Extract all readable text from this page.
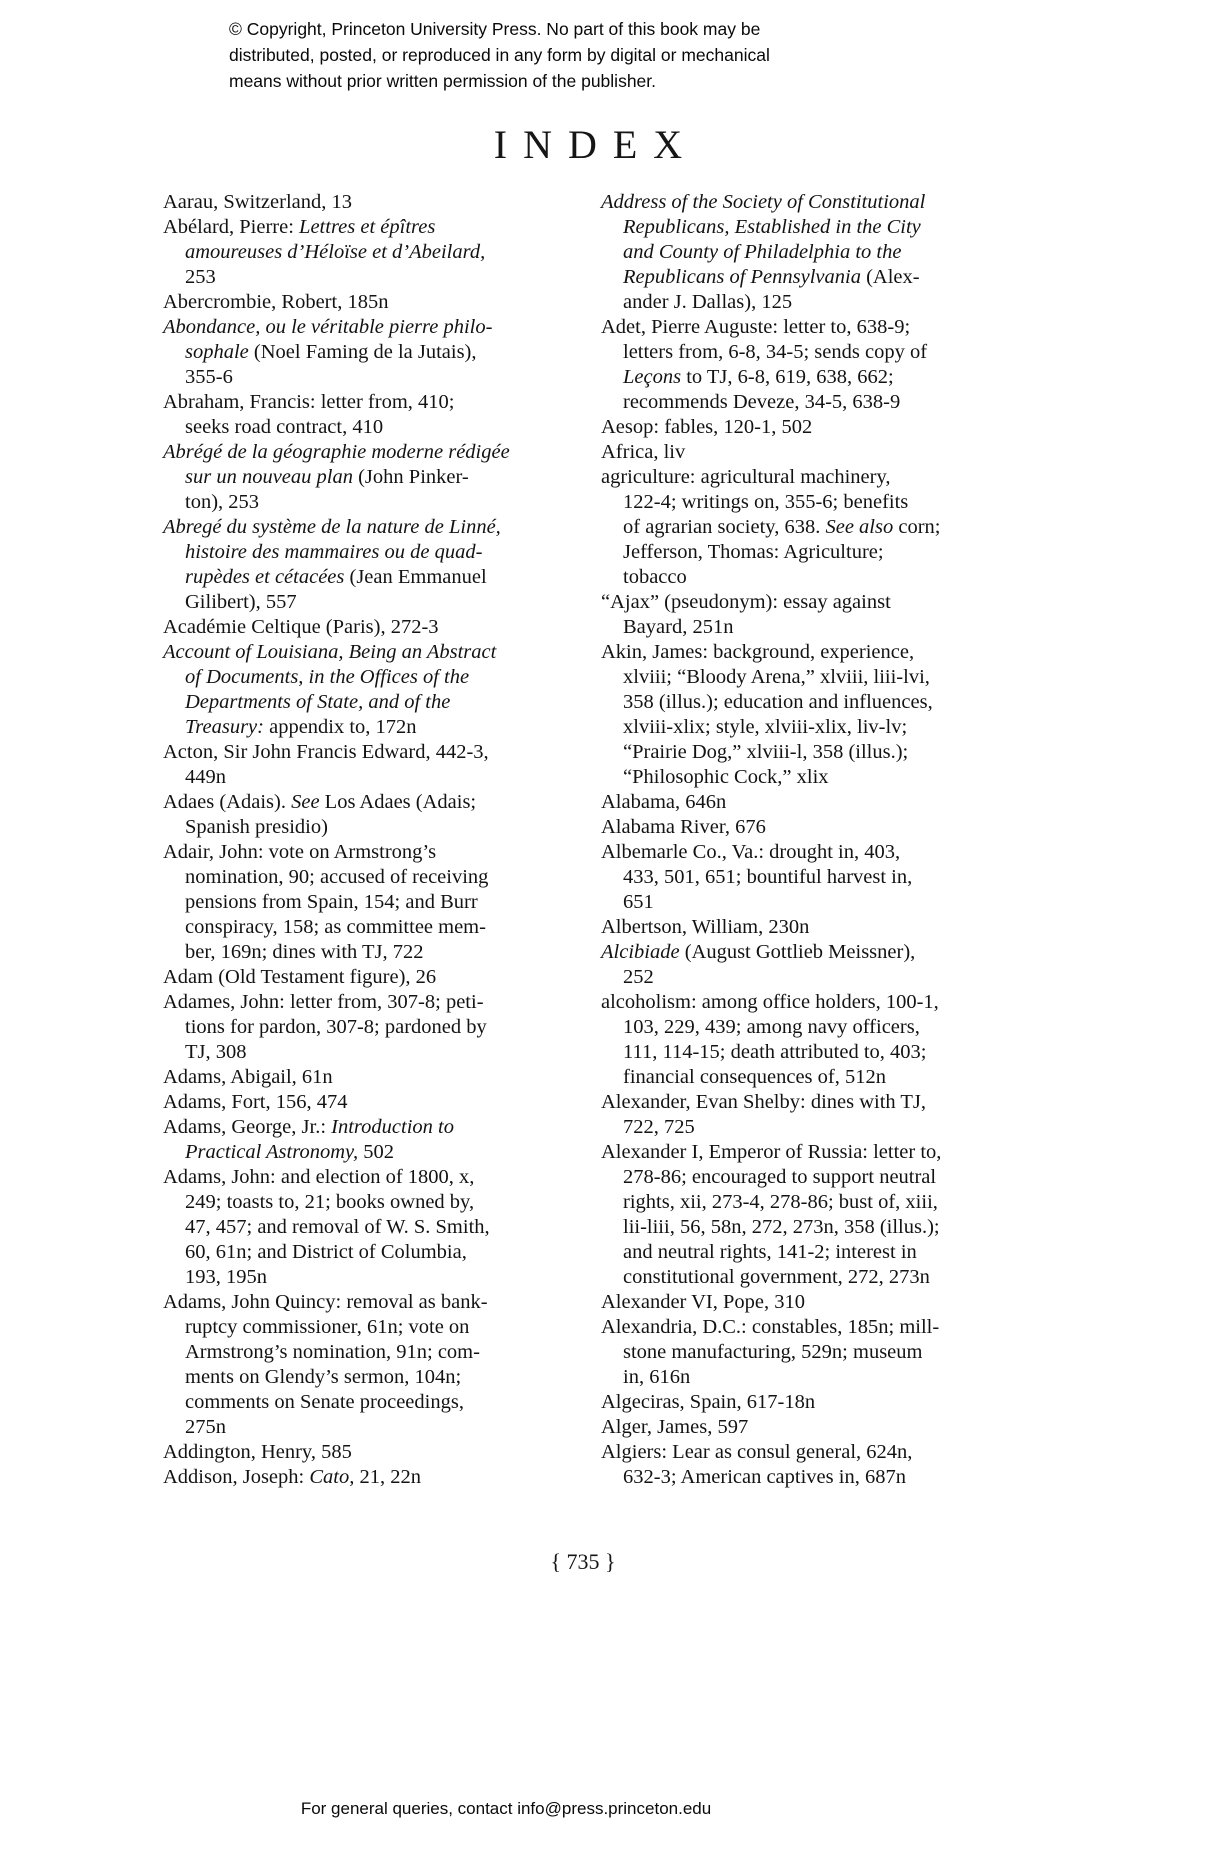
© Copyright, Princeton University Press. No part of this book may be
distributed, posted, or reproduced in any form by digital or mechanical
means without prior written permission of the publisher.
INDEX
Aarau, Switzerland, 13
Abélard, Pierre: Lettres et épîtres
amoureuses d’Héloïse et d’Abeilard,
253
Abercrombie, Robert, 185n
Abondance, ou le véritable pierre philo-
sophale (Noel Faming de la Jutais),
355-6
Abraham, Francis: letter from, 410;
seeks road contract, 410
Abrégé de la géographie moderne rédigée
sur un nouveau plan (John Pinker-
ton), 253
Abregé du système de la nature de Linné,
histoire des mammaires ou de quad-
rupèdes et cétacées (Jean Emmanuel
Gilibert), 557
Académie Celtique (Paris), 272-3
Account of Louisiana, Being an Abstract
of Documents, in the Offices of the
Departments of State, and of the
Treasury: appendix to, 172n
Acton, Sir John Francis Edward, 442-3,
449n
Adaes (Adais). See Los Adaes (Adais;
Spanish presidio)
Adair, John: vote on Armstrong’s
nomination, 90; accused of receiving
pensions from Spain, 154; and Burr
conspiracy, 158; as committee mem-
ber, 169n; dines with TJ, 722
Adam (Old Testament figure), 26
Adames, John: letter from, 307-8; peti-
tions for pardon, 307-8; pardoned by
TJ, 308
Adams, Abigail, 61n
Adams, Fort, 156, 474
Adams, George, Jr.: Introduction to
Practical Astronomy, 502
Adams, John: and election of 1800, x,
249; toasts to, 21; books owned by,
47, 457; and removal of W. S. Smith,
60, 61n; and District of Columbia,
193, 195n
Adams, John Quincy: removal as bank-
ruptcy commissioner, 61n; vote on
Armstrong’s nomination, 91n; com-
ments on Glendy’s sermon, 104n;
comments on Senate proceedings,
275n
Addington, Henry, 585
Addison, Joseph: Cato, 21, 22n
Address of the Society of Constitutional
Republicans, Established in the City
and County of Philadelphia to the
Republicans of Pennsylvania (Alex-
ander J. Dallas), 125
Adet, Pierre Auguste: letter to, 638-9;
letters from, 6-8, 34-5; sends copy of
Leçons to TJ, 6-8, 619, 638, 662;
recommends Deveze, 34-5, 638-9
Aesop: fables, 120-1, 502
Africa, liv
agriculture: agricultural machinery,
122-4; writings on, 355-6; benefits
of agrarian society, 638. See also corn;
Jefferson, Thomas: Agriculture;
tobacco
“Ajax” (pseudonym): essay against
Bayard, 251n
Akin, James: background, experience,
xlviii; “Bloody Arena,” xlviii, liii-lvi,
358 (illus.); education and influences,
xlviii-xlix; style, xlviii-xlix, liv-lv;
“Prairie Dog,” xlviii-l, 358 (illus.);
“Philosophic Cock,” xlix
Alabama, 646n
Alabama River, 676
Albemarle Co., Va.: drought in, 403,
433, 501, 651; bountiful harvest in,
651
Albertson, William, 230n
Alcibiade (August Gottlieb Meissner),
252
alcoholism: among office holders, 100-1,
103, 229, 439; among navy officers,
111, 114-15; death attributed to, 403;
financial consequences of, 512n
Alexander, Evan Shelby: dines with TJ,
722, 725
Alexander I, Emperor of Russia: letter to,
278-86; encouraged to support neutral
rights, xii, 273-4, 278-86; bust of, xiii,
lii-liii, 56, 58n, 272, 273n, 358 (illus.);
and neutral rights, 141-2; interest in
constitutional government, 272, 273n
Alexander VI, Pope, 310
Alexandria, D.C.: constables, 185n; mill-
stone manufacturing, 529n; museum
in, 616n
Algeciras, Spain, 617-18n
Alger, James, 597
Algiers: Lear as consul general, 624n,
632-3; American captives in, 687n
{ 735 }
For general queries, contact info@press.princeton.edu
